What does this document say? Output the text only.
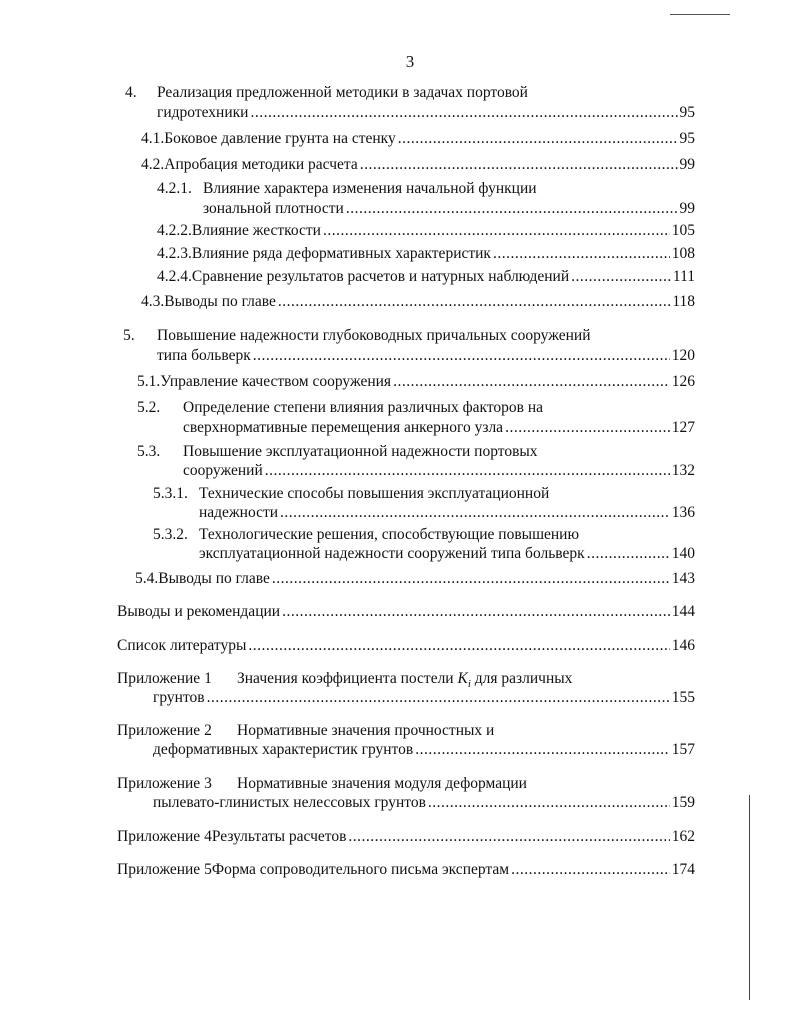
3
4.	Реализация предложенной методики в задачах портовой
гидротехники .....	95
4.1. Боковое давление грунта на стенку .....	95
4.2. Апробация методики расчета .....	99
4.2.1. Влияние характера изменения начальной функции
зональной плотности .....	99
4.2.2. Влияние жесткости .....	105
4.2.3. Влияние ряда деформативных характеристик .....	108
4.2.4. Сравнение результатов расчетов и натурных наблюдений .....	111
4.3. Выводы по главе .....	118
5.	Повышение надежности глубоководных причальных сооружений
типа больверк .....	120
5.1. Управление качеством сооружения .....	126
5.2.	Определение степени влияния различных факторов на
сверхнормативные перемещения анкерного узла .....	127
5.3.	Повышение эксплуатационной надежности портовых
сооружений .....	132
5.3.1. Технические способы повышения эксплуатационной
надежности .....	136
5.3.2. Технологические решения, способствующие повышению
эксплуатационной надежности сооружений типа больверк .....	140
5.4. Выводы по главе .....	143
Выводы и рекомендации .....	144
Список литературы .....	146
Приложение 1	Значения коэффициента постели $K_i$ для различных
грунтов .....	155
Приложение 2	Нормативные значения прочностных и
деформативных характеристик грунтов .....	157
Приложение 3	Нормативные значения модуля деформации
пылевато-глинистых нелессовых грунтов .....	159
Приложение 4 Результаты расчетов .....	162
Приложение 5 Форма сопроводительного письма экспертам .....	174
